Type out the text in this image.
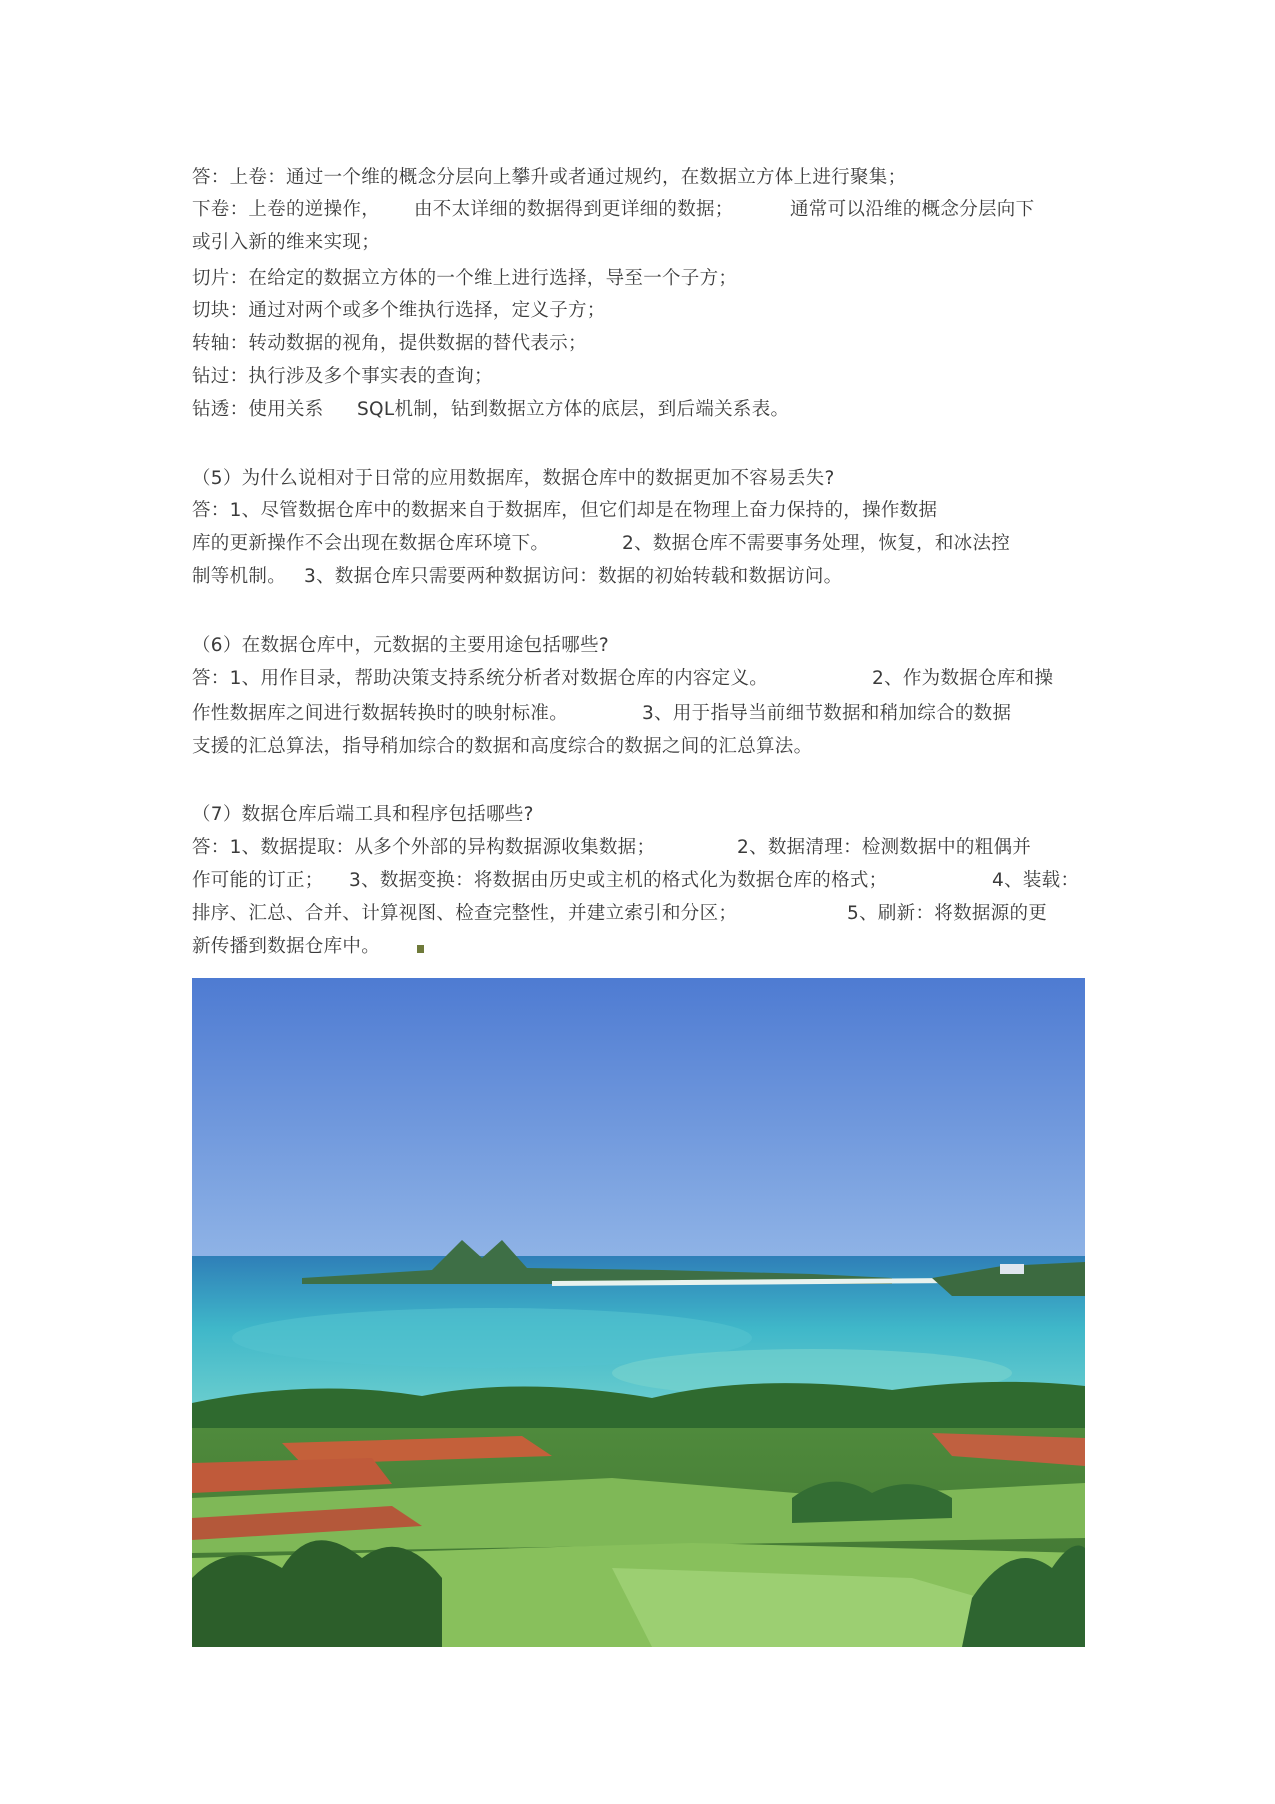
答：上卷：通过一个维的概念分层向上攀升或者通过规约，在数据立方体上进行聚集；
下卷：上卷的逆操作， 由不太详细的数据得到更详细的数据；	通常可以沿维的概念分层向下
或引入新的维来实现；
切片：在给定的数据立方体的一个维上进行选择，导至一个子方；
切块：通过对两个或多个维执行选择，定义子方；
转轴：转动数据的视角，提供数据的替代表示；
钻过：执行涉及多个事实表的查询；
钻透：使用关系 SQL机制，钻到数据立方体的底层，到后端关系表。
（5）为什么说相对于日常的应用数据库，数据仓库中的数据更加不容易丢失?
答：1、尽管数据仓库中的数据来自于数据库，但它们却是在物理上奋力保持的，操作数据
库的更新操作不会出现在数据仓库环境下。	2、数据仓库不需要事务处理，恢复，和冰法控
制等机制。 3、数据仓库只需要两种数据访问：数据的初始转载和数据访问。
（6）在数据仓库中，元数据的主要用途包括哪些?
答：1、用作目录，帮助决策支持系统分析者对数据仓库的内容定义。	2、作为数据仓库和操
作性数据库之间进行数据转换时的映射标准。	3、用于指导当前细节数据和稍加综合的数据
支援的汇总算法，指导稍加综合的数据和高度综合的数据之间的汇总算法。
（7）数据仓库后端工具和程序包括哪些?
答：1、数据提取：从多个外部的异构数据源收集数据；	2、数据清理：检测数据中的粗偶并
作可能的订正； 3、数据变换：将数据由历史或主机的格式化为数据仓库的格式；	4、装载：
排序、汇总、合并、计算视图、检查完整性，并建立索引和分区；	5、刷新：将数据源的更
新传播到数据仓库中。
